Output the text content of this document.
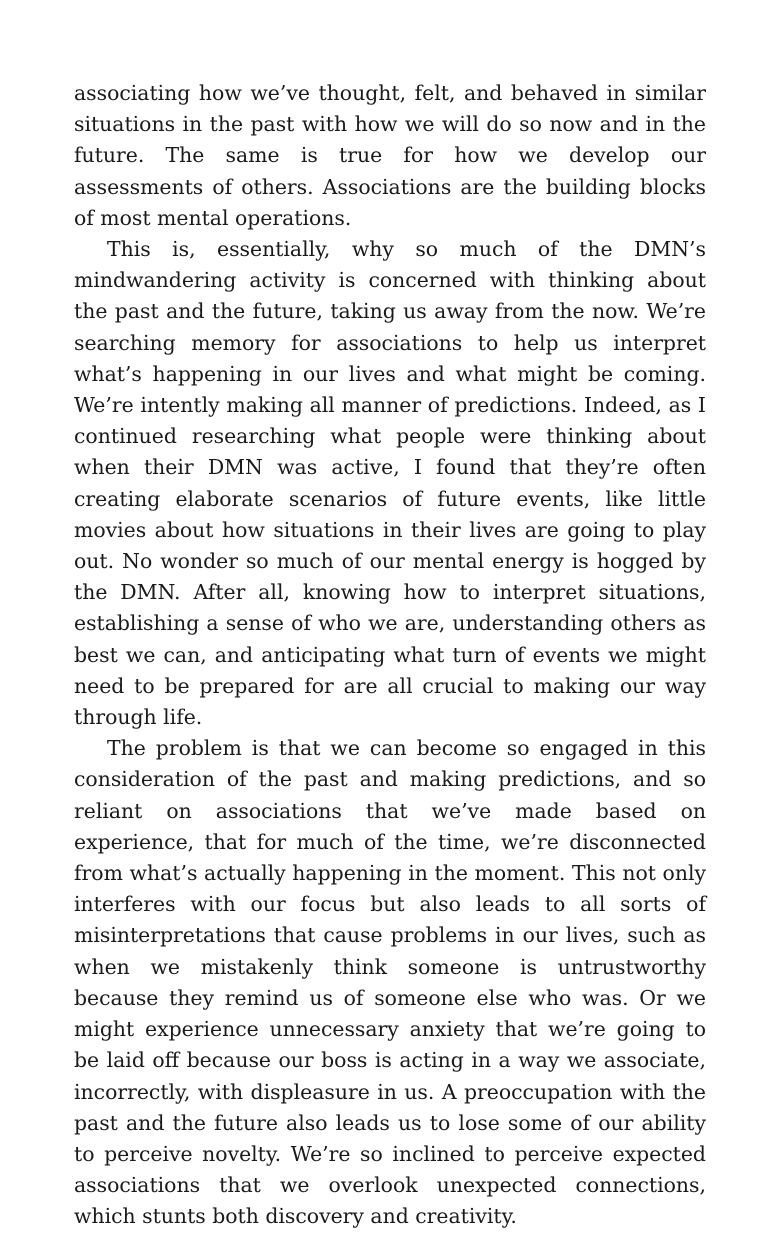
associating how we’ve thought, felt, and behaved in similar situations in the past with how we will do so now and in the future. The same is true for how we develop our assessments of others. Associations are the building blocks of most mental operations.

This is, essentially, why so much of the DMN’s mindwandering activity is concerned with thinking about the past and the future, taking us away from the now. We’re searching memory for associations to help us interpret what’s happening in our lives and what might be coming. We’re intently making all manner of predictions. Indeed, as I continued researching what people were thinking about when their DMN was active, I found that they’re often creating elaborate scenarios of future events, like little movies about how situations in their lives are going to play out. No wonder so much of our mental energy is hogged by the DMN. After all, knowing how to interpret situations, establishing a sense of who we are, understanding others as best we can, and anticipating what turn of events we might need to be prepared for are all crucial to making our way through life.

The problem is that we can become so engaged in this consideration of the past and making predictions, and so reliant on associations that we’ve made based on experience, that for much of the time, we’re disconnected from what’s actually happening in the moment. This not only interferes with our focus but also leads to all sorts of misinterpretations that cause problems in our lives, such as when we mistakenly think someone is untrustworthy because they remind us of someone else who was. Or we might experience unnecessary anxiety that we’re going to be laid off because our boss is acting in a way we associate, incorrectly, with displeasure in us. A preoccupation with the past and the future also leads us to lose some of our ability to perceive novelty. We’re so inclined to perceive expected associations that we overlook unexpected connections, which stunts both discovery and creativity.
